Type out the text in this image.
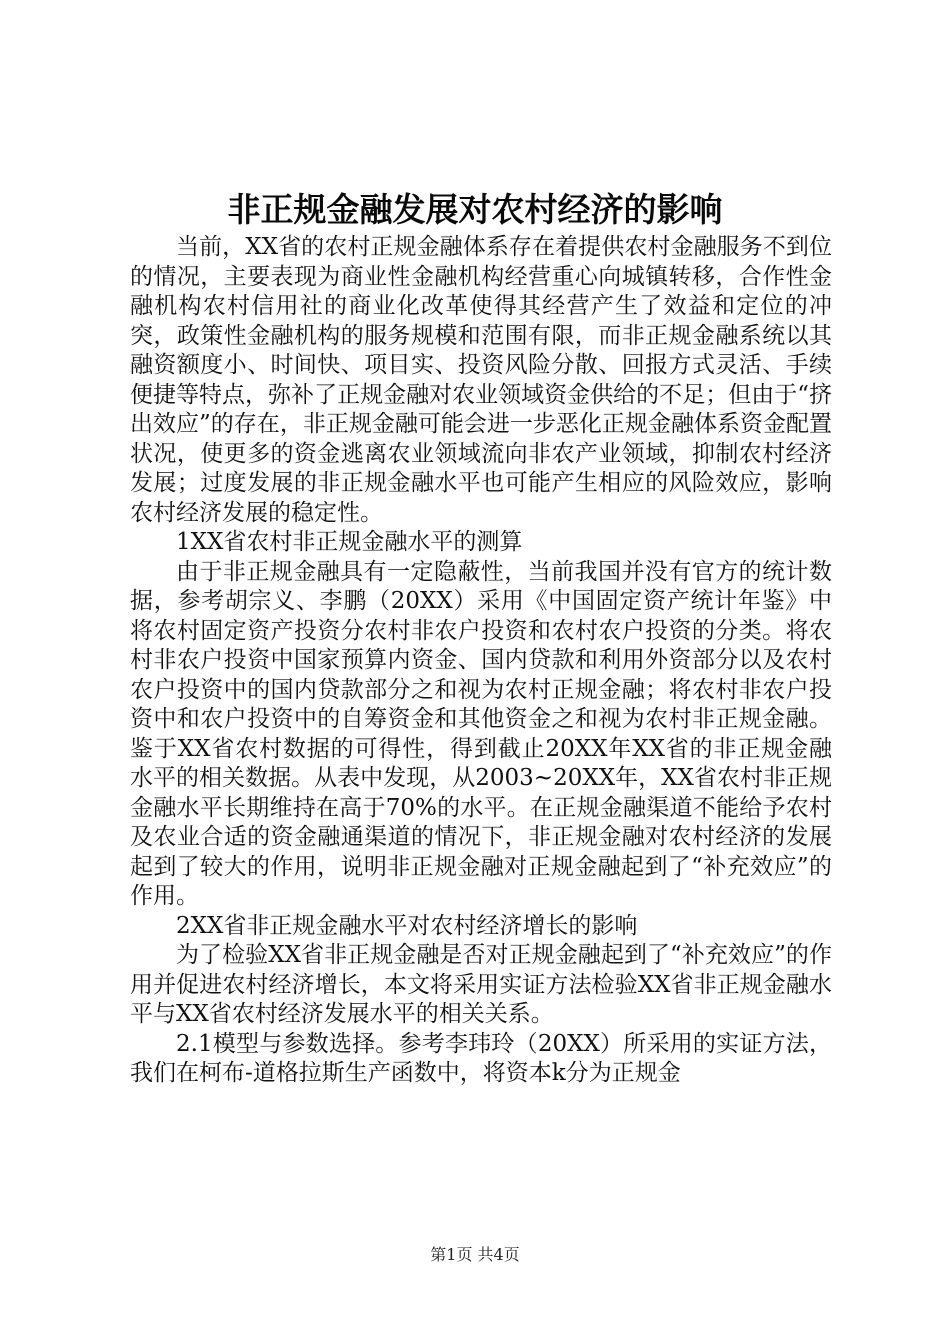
非正规金融发展对农村经济的影响

当前，XX省的农村正规金融体系存在着提供农村金融服务不到位的情况，主要表现为商业性金融机构经营重心向城镇转移，合作性金融机构农村信用社的商业化改革使得其经营产生了效益和定位的冲突，政策性金融机构的服务规模和范围有限，而非正规金融系统以其融资额度小、时间快、项目实、投资风险分散、回报方式灵活、手续便捷等特点，弥补了正规金融对农业领域资金供给的不足；但由于“挤出效应”的存在，非正规金融可能会进一步恶化正规金融体系资金配置状况，使更多的资金逃离农业领域流向非农产业领域，抑制农村经济发展；过度发展的非正规金融水平也可能产生相应的风险效应，影响农村经济发展的稳定性。

1XX省农村非正规金融水平的测算

由于非正规金融具有一定隐蔽性，当前我国并没有官方的统计数据，参考胡宗义、李鹏（20XX）采用《中国固定资产统计年鉴》中将农村固定资产投资分农村非农户投资和农村农户投资的分类。将农村非农户投资中国家预算内资金、国内贷款和利用外资部分以及农村农户投资中的国内贷款部分之和视为农村正规金融；将农村非农户投资中和农户投资中的自筹资金和其他资金之和视为农村非正规金融。鉴于XX省农村数据的可得性，得到截止20XX年XX省的非正规金融水平的相关数据。从表中发现，从2003~20XX年，XX省农村非正规金融水平长期维持在高于70%的水平。在正规金融渠道不能给予农村及农业合适的资金融通渠道的情况下，非正规金融对农村经济的发展起到了较大的作用，说明非正规金融对正规金融起到了“补充效应”的作用。

2XX省非正规金融水平对农村经济增长的影响

为了检验XX省非正规金融是否对正规金融起到了“补充效应”的作用并促进农村经济增长，本文将采用实证方法检验XX省非正规金融水平与XX省农村经济发展水平的相关关系。

2.1模型与参数选择。参考李玮玲（20XX）所采用的实证方法，我们在柯布-道格拉斯生产函数中，将资本k分为正规金

第1页 共4页
